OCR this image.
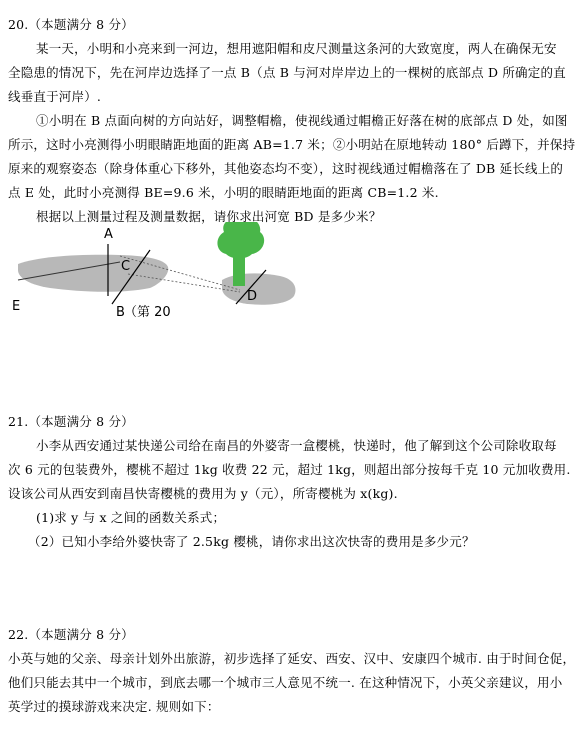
20.（本题满分 8 分）
某一天，小明和小亮来到一河边，想用遮阳帽和皮尺测量这条河的大致宽度，两人在确保无安
全隐患的情况下，先在河岸边选择了一点 B（点 B 与河对岸岸边上的一棵树的底部点 D 所确定的直
线垂直于河岸）.
①小明在 B 点面向树的方向站好，调整帽檐，使视线通过帽檐正好落在树的底部点 D 处，如图
所示，这时小亮测得小明眼睛距地面的距离 AB=1.7 米；②小明站在原地转动 180° 后蹲下，并保持
原来的观察姿态（除身体重心下移外，其他姿态均不变），这时视线通过帽檐落在了 DB 延长线上的
点 E 处，此时小亮测得 BE=9.6 米，小明的眼睛距地面的距离 CB=1.2 米.
根据以上测量过程及测量数据，请你求出河宽 BD 是多少米？
A
C
D
E	B （第 20
21.（本题满分 8 分）
小李从西安通过某快递公司给在南昌的外婆寄一盒樱桃，快递时，他了解到这个公司除收取每
次 6 元的包装费外，樱桃不超过 1kg 收费 22 元，超过 1kg，则超出部分按每千克 10 元加收费用.
设该公司从西安到南昌快寄樱桃的费用为 y（元），所寄樱桃为 x(kg).
(1)求 y 与 x 之间的函数关系式；
（2）已知小李给外婆快寄了 2.5kg 樱桃，请你求出这次快寄的费用是多少元？
22.（本题满分 8 分）
小英与她的父亲、母亲计划外出旅游，初步选择了延安、西安、汉中、安康四个城市. 由于时间仓促，
他们只能去其中一个城市，到底去哪一个城市三人意见不统一. 在这种情况下，小英父亲建议，用小
英学过的摸球游戏来决定. 规则如下：
